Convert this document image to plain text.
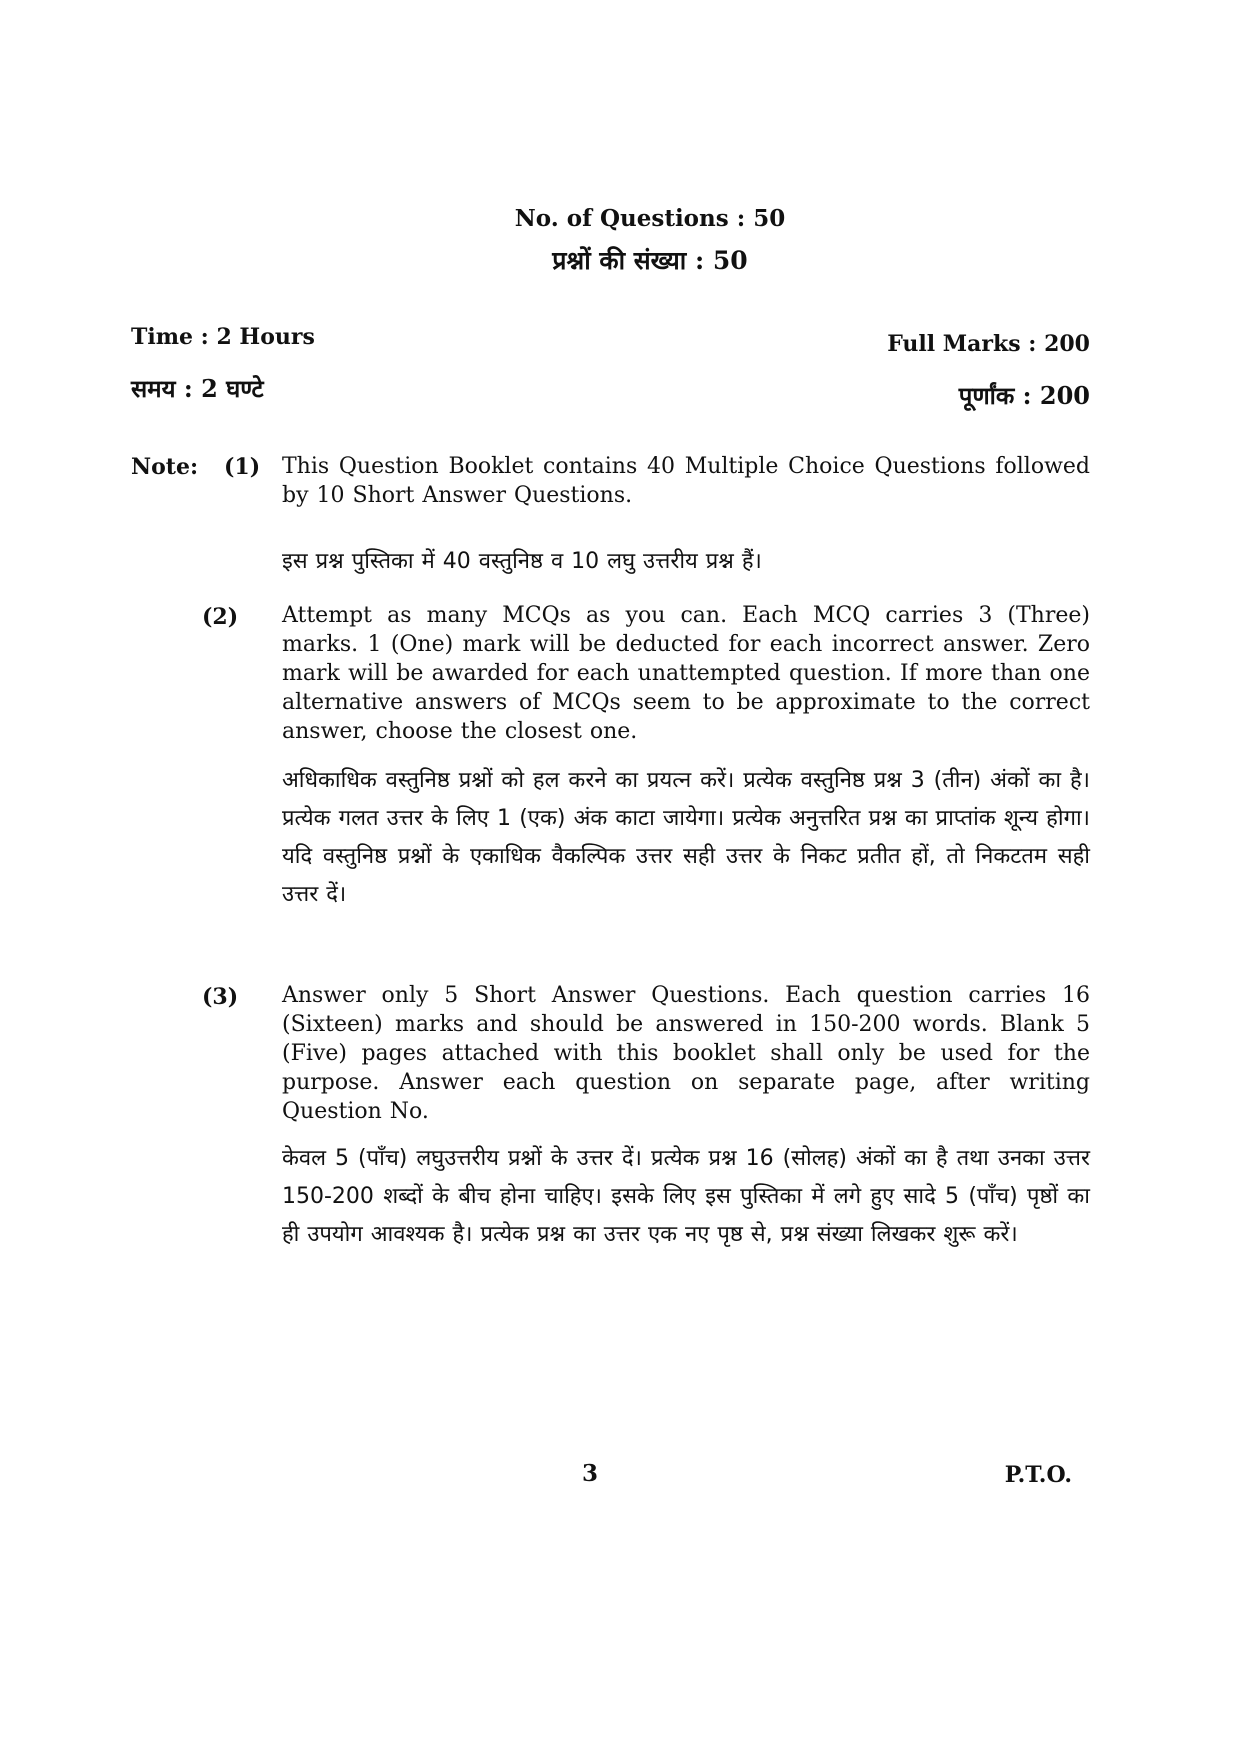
No. of Questions : 50
प्रश्नों की संख्या : 50
Time : 2 Hours
समय : 2 घण्टे
Full Marks : 200
पूर्णांक : 200
Note: (1) This Question Booklet contains 40 Multiple Choice Questions followed by 10 Short Answer Questions.
इस प्रश्न पुस्तिका में 40 वस्तुनिष्ठ व 10 लघु उत्तरीय प्रश्न हैं।
(2) Attempt as many MCQs as you can. Each MCQ carries 3 (Three) marks. 1 (One) mark will be deducted for each incorrect answer. Zero mark will be awarded for each unattempted question. If more than one alternative answers of MCQs seem to be approximate to the correct answer, choose the closest one.
अधिकाधिक वस्तुनिष्ठ प्रश्नों को हल करने का प्रयत्न करें। प्रत्येक वस्तुनिष्ठ प्रश्न 3 (तीन) अंकों का है। प्रत्येक गलत उत्तर के लिए 1 (एक) अंक काटा जायेगा। प्रत्येक अनुत्तरित प्रश्न का प्राप्तांक शून्य होगा। यदि वस्तुनिष्ठ प्रश्नों के एकाधिक वैकल्पिक उत्तर सही उत्तर के निकट प्रतीत हों, तो निकटतम सही उत्तर दें।
(3) Answer only 5 Short Answer Questions. Each question carries 16 (Sixteen) marks and should be answered in 150-200 words. Blank 5 (Five) pages attached with this booklet shall only be used for the purpose. Answer each question on separate page, after writing Question No.
केवल 5 (पाँच) लघुउत्तरीय प्रश्नों के उत्तर दें। प्रत्येक प्रश्न 16 (सोलह) अंकों का है तथा उनका उत्तर 150-200 शब्दों के बीच होना चाहिए। इसके लिए इस पुस्तिका में लगे हुए सादे 5 (पाँच) पृष्ठों का ही उपयोग आवश्यक है। प्रत्येक प्रश्न का उत्तर एक नए पृष्ठ से, प्रश्न संख्या लिखकर शुरू करें।
3	P.T.O.
